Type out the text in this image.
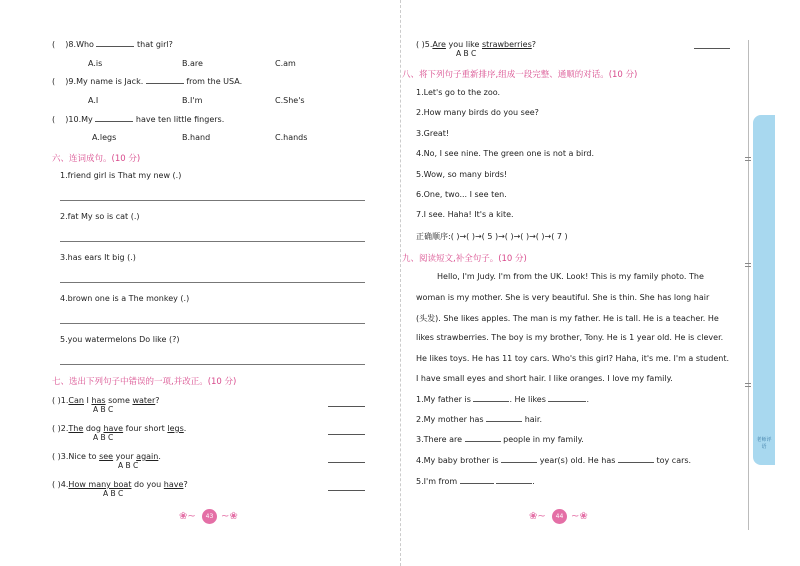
老师评语
( )8.Who	that girl?
A.is	B.are	C.am
( )9.My name is Jack.	from the USA.
A.I	B.I'm	C.She's
( )10.My	have ten little fingers.
A.legs	B.hand	C.hands
六、连词成句。(10 分)
1.friend girl is That my new (.)
2.fat My so is cat (.)
3.has ears It big (.)
4.brown one is a The monkey (.)
5.you watermelons Do like (?)
七、选出下列句子中错误的一项,并改正。(10 分)
( )1.Can I has some water?
A B C
( )2.The dog have four short legs.
A B C
( )3.Nice to see your again.
A B C
( )4.How many boat do you have?
A B C
❀~	43 ~❀
( )5.Are you like strawberries?
A B C
八、将下列句子重新排序,组成一段完整、通顺的对话。(10 分)
1.Let's go to the zoo.
2.How many birds do you see?
3.Great!
4.No, I see nine. The green one is not a bird.
5.Wow, so many birds!
6.One, two... I see ten.
7.I see. Haha! It's a kite.
正确顺序:( )→( )→( 5 )→( )→( )→( )→( 7 )
九、阅读短文,补全句子。(10 分)
Hello, I'm Judy. I'm from the UK. Look! This is my family photo. The
woman is my mother. She is very beautiful. She is thin. She has long hair
(头发). She likes apples. The man is my father. He is tall. He is a teacher. He
likes strawberries. The boy is my brother, Tony. He is 1 year old. He is clever.
He likes toys. He has 11 toy cars. Who's this girl? Haha, it's me. I'm a student.
I have small eyes and short hair. I like oranges. I love my family.
1.My father is	. He likes	.
2.My mother has	hair.
3.There are	people in my family.
4.My baby brother is	year(s) old. He has	toy cars.
5.I'm from	.
❀~	44 ~❀
